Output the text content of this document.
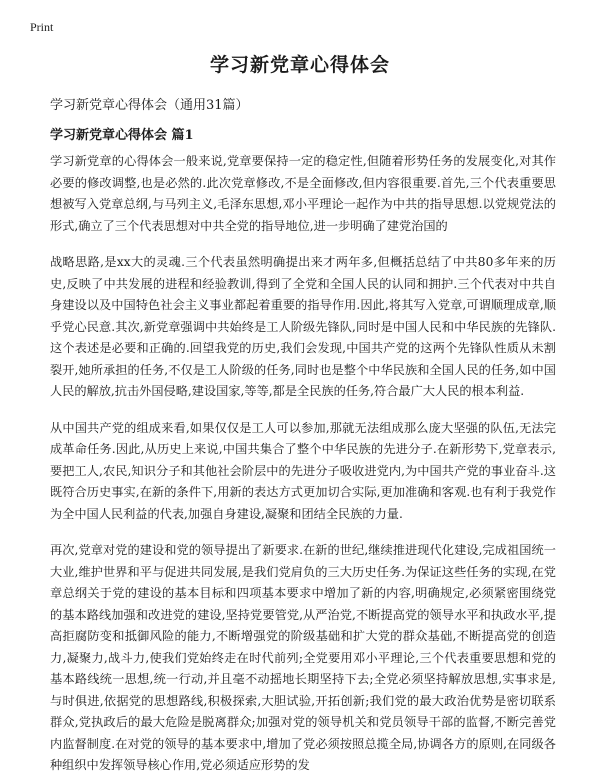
Print
学习新党章心得体会

学习新党章心得体会（通用31篇）

学习新党章心得体会 篇1

学习新党章的心得体会一般来说,党章要保持一定的稳定性,但随着形势任务的发展变化,对其作必要的修改调整,也是必然的.此次党章修改,不是全面修改,但内容很重要.首先,三个代表重要思想被写入党章总纲,与马列主义,毛泽东思想,邓小平理论一起作为中共的指导思想.以党规党法的形式,确立了三个代表思想对中共全党的指导地位,进一步明确了建党治国的

战略思路,是xx大的灵魂.三个代表虽然明确提出来才两年多,但概括总结了中共80多年来的历史,反映了中共发展的进程和经验教训,得到了全党和全国人民的认同和拥护.三个代表对中共自身建设以及中国特色社会主义事业都起着重要的指导作用.因此,将其写入党章,可谓顺理成章,顺乎党心民意.其次,新党章强调中共始终是工人阶级先锋队,同时是中国人民和中华民族的先锋队.这个表述是必要和正确的.回望我党的历史,我们会发现,中国共产党的这两个先锋队性质从未割裂开,她所承担的任务,不仅是工人阶级的任务,同时也是整个中华民族和全国人民的任务,如中国人民的解放,抗击外国侵略,建设国家,等等,都是全民族的任务,符合最广大人民的根本利益.

从中国共产党的组成来看,如果仅仅是工人可以参加,那就无法组成那么庞大坚强的队伍,无法完成革命任务.因此,从历史上来说,中国共集合了整个中华民族的先进分子.在新形势下,党章表示,要把工人,农民,知识分子和其他社会阶层中的先进分子吸收进党内,为中国共产党的事业奋斗.这既符合历史事实,在新的条件下,用新的表达方式更加切合实际,更加准确和客观.也有利于我党作为全中国人民利益的代表,加强自身建设,凝聚和团结全民族的力量.

再次,党章对党的建设和党的领导提出了新要求.在新的世纪,继续推进现代化建设,完成祖国统一大业,维护世界和平与促进共同发展,是我们党肩负的三大历史任务.为保证这些任务的实现,在党章总纲关于党的建设的基本目标和四项基本要求中增加了新的内容,明确规定,必须紧密围绕党的基本路线加强和改进党的建设,坚持党要管党,从严治党,不断提高党的领导水平和执政水平,提高拒腐防变和抵御风险的能力,不断增强党的阶级基础和扩大党的群众基础,不断提高党的创造力,凝聚力,战斗力,使我们党始终走在时代前列;全党要用邓小平理论,三个代表重要思想和党的基本路线统一思想,统一行动,并且毫不动摇地长期坚持下去;全党必须坚持解放思想,实事求是,与时俱进,依据党的思想路线,积极探索,大胆试验,开拓创新;我们党的最大政治优势是密切联系群众,党执政后的最大危险是脱离群众;加强对党的领导机关和党员领导干部的监督,不断完善党内监督制度.在对党的领导的基本要求中,增加了党必须按照总揽全局,协调各方的原则,在同级各种组织中发挥领导核心作用,党必须适应形势的发
